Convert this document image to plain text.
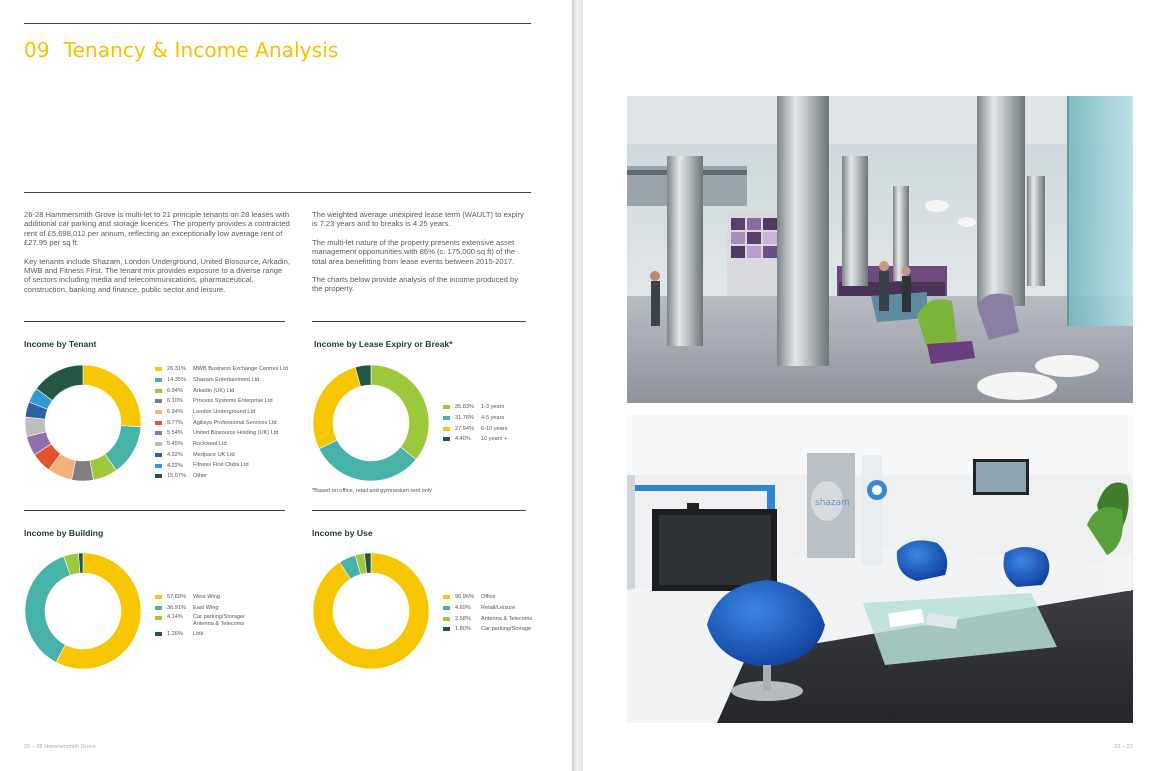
09 Tenancy & Income Analysis

26-28 Hammersmith Grove is multi-let to 21 principle tenants on 28 leases with additional car parking and storage licences. The property provides a contracted rent of £5,698,012 per annum, reflecting an exceptionally low average rent of £27.95 per sq ft.

Key tenants include Shazam, London Underground, United Biosource, Arkadin, MWB and Fitness First. The tenant mix provides exposure to a diverse range of sectors including media and telecommunications, pharmaceutical, construction, banking and finance, public sector and leisure.

The weighted average unexpired lease term (WAULT) to expiry is 7.23 years and to breaks is 4.25 years.

The multi-let nature of the property presents extensive asset management opportunities with 86% (c. 175,000 sq ft) of the total area benefitting from lease events between 2015-2017.

The charts below provide analysis of the income produced by the property.

Income by Tenant
26.31%	MWB Business Exchange Centres Ltd
14.35%	Shazam Entertainment Ltd
6.94%	Arkadin (UK) Ltd
6.10%	Process Systems Enterprise Ltd
6.94%	London Underground Ltd
5.77%	Agilisys Professional Services Ltd
5.54%	United Biosource Holding (UK) Ltd
5.45%	Rockwool Ltd
4.32%	Medpace UK Ltd
4.22%	Fitness First Clubs Ltd
15.07%	Other
Income by Lease Expiry or Break*
35.83%	1-3 years
31.76%	4-5 years
27.94%	6-10 years
4.40%	10 years +
*Based on office, retail and gymnasium rent only
Income by Building
57.69%	West Wing
36.91%	East Wing
4.14%	Car parking/Storage/
Antenna & Telecoms
1.26%	Link
Income by Use
90.96%	Office
4.69%	Retail/Leisure
2.58%	Antenna & Telecoms
1.80%	Car parking/Storage
26 – 28 Hammersmith Grove
shazam
22 – 23
